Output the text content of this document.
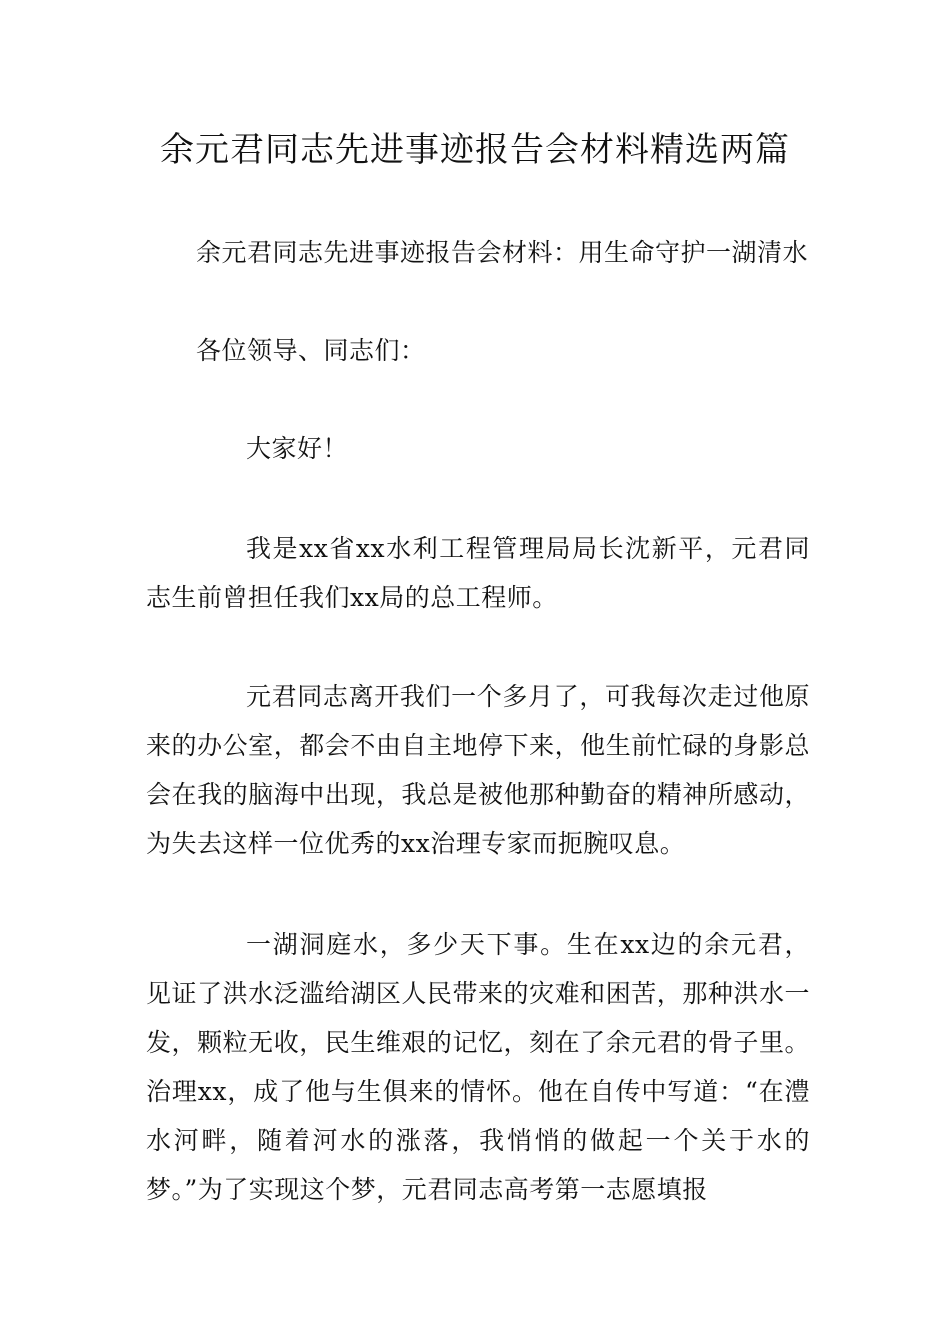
余元君同志先进事迹报告会材料精选两篇

余元君同志先进事迹报告会材料：用生命守护一湖清水

各位领导、同志们：

大家好！

我是xx省xx水利工程管理局局长沈新平，元君同志生前曾担任我们xx局的总工程师。

元君同志离开我们一个多月了，可我每次走过他原来的办公室，都会不由自主地停下来，他生前忙碌的身影总会在我的脑海中出现，我总是被他那种勤奋的精神所感动，为失去这样一位优秀的xx治理专家而扼腕叹息。

一湖洞庭水，多少天下事。生在xx边的余元君，见证了洪水泛滥给湖区人民带来的灾难和困苦，那种洪水一发，颗粒无收，民生维艰的记忆，刻在了余元君的骨子里。治理xx，成了他与生俱来的情怀。他在自传中写道：“在澧水河畔，随着河水的涨落，我悄悄的做起一个关于水的梦。”为了实现这个梦，元君同志高考第一志愿填报
